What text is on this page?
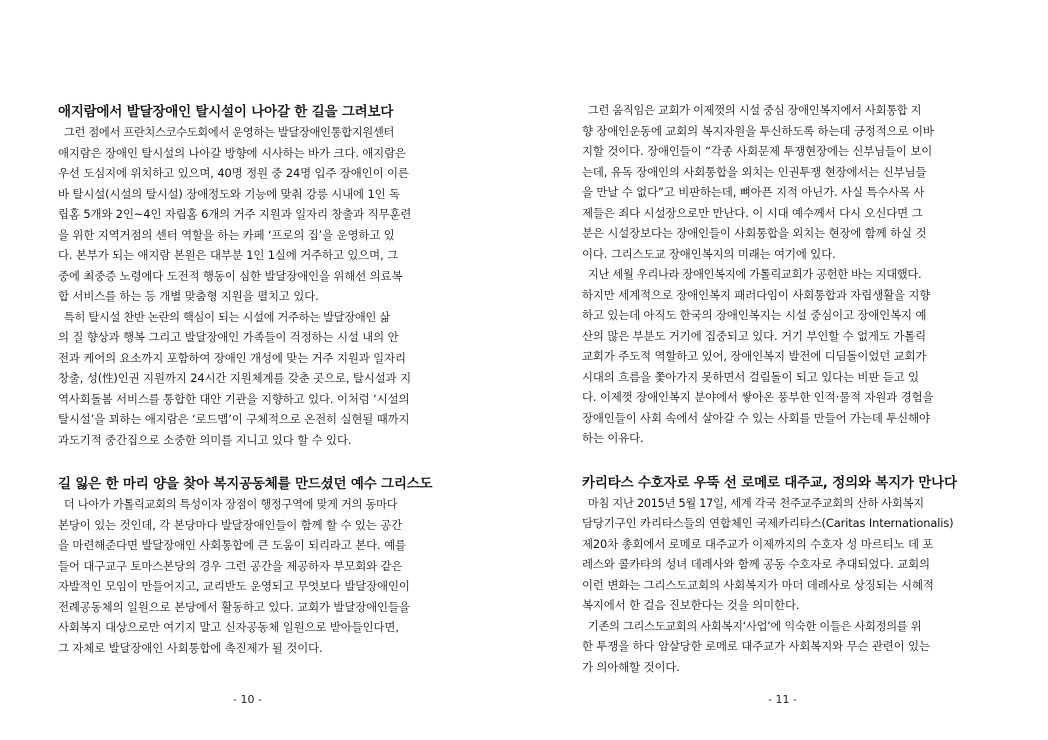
애지람에서 발달장애인 탈시설이 나아갈 한 길을 그려보다

그런 점에서 프란치스코수도회에서 운영하는 발달장애인통합지원센터
애지람은 장애인 탈시설의 나아갈 방향에 시사하는 바가 크다. 애지람은
우선 도심지에 위치하고 있으며, 40명 정원 중 24명 입주 장애인이 이른
바 탈시설(시설의 탈시설) 장애정도와 기능에 맞춰 강릉 시내에 1인 독
립홈 5개와 2인~4인 자립홈 6개의 거주 지원과 일자리 창출과 직무훈련
을 위한 지역거점의 센터 역할을 하는 카페 ‘프로의 집’을 운영하고 있
다. 본부가 되는 애지람 본원은 대부분 1인 1실에 거주하고 있으며, 그
중에 최중증 노령에다 도전적 행동이 심한 발달장애인을 위해선 의료복
합 서비스를 하는 등 개별 맞춤형 지원을 펼치고 있다.

특히 탈시설 찬반 논란의 핵심이 되는 시설에 거주하는 발달장애인 삶
의 질 향상과 행복 그리고 발달장애인 가족들이 걱정하는 시설 내의 안
전과 케어의 요소까지 포함하여 장애인 개성에 맞는 거주 지원과 일자리
창출, 성(性)인권 지원까지 24시간 지원체계를 갖춘 곳으로, 탈시설과 지
역사회돌봄 서비스를 통합한 대안 기관을 지향하고 있다. 이처럼 ‘시설의
탈시설’을 꾀하는 애지람은 ‘로드맵’이 구체적으로 온전히 실현될 때까지
과도기적 중간집으로 소중한 의미를 지니고 있다 할 수 있다.

길 잃은 한 마리 양을 찾아 복지공동체를 만드셨던 예수 그리스도

더 나아가 가톨릭교회의 특성이자 장점이 행정구역에 맞게 거의 동마다
본당이 있는 것인데, 각 본당마다 발달장애인들이 함께 할 수 있는 공간
을 마련해준다면 발달장애인 사회통합에 큰 도움이 되리라고 본다. 예를
들어 대구교구 토마스본당의 경우 그런 공간을 제공하자 부모회와 같은
자발적인 모임이 만들어지고, 교리반도 운영되고 무엇보다 발달장애인이
전례공동체의 일원으로 본당에서 활동하고 있다. 교회가 발달장애인들을
사회복지 대상으로만 여기지 말고 신자공동체 일원으로 받아들인다면,
그 자체로 발달장애인 사회통합에 촉진제가 될 것이다.

그런 움직임은 교회가 이제껏의 시설 중심 장애인복지에서 사회통합 지
향 장애인운동에 교회의 복지자원을 투신하도록 하는데 긍정적으로 이바
지할 것이다. 장애인들이 “각종 사회문제 투쟁현장에는 신부님들이 보이
는데, 유독 장애인의 사회통합을 외치는 인권투쟁 현장에서는 신부님들
을 만날 수 없다”고 비판하는데, 뼈아픈 지적 아닌가. 사실 특수사목 사
제들은 죄다 시설장으로만 만난다. 이 시대 예수께서 다시 오신다면 그
분은 시설장보다는 장애인들이 사회통합을 외치는 현장에 함께 하실 것
이다. 그리스도교 장애인복지의 미래는 여기에 있다.

지난 세월 우리나라 장애인복지에 가톨릭교회가 공헌한 바는 지대했다.
하지만 세계적으로 장애인복지 패러다임이 사회통합과 자립생활을 지향
하고 있는데 아직도 한국의 장애인복지는 시설 중심이고 장애인복지 예
산의 많은 부분도 거기에 집중되고 있다. 거기 부인할 수 없게도 가톨릭
교회가 주도적 역할하고 있어, 장애인복지 발전에 디딤돌이었던 교회가
시대의 흐름을 쫓아가지 못하면서 걸림돌이 되고 있다는 비판 듣고 있
다. 이제껏 장애인복지 분야에서 쌓아온 풍부한 인적·물적 자원과 경험을
장애인들이 사회 속에서 살아갈 수 있는 사회를 만들어 가는데 투신해야
하는 이유다.

카리타스 수호자로 우뚝 선 로메로 대주교, 정의와 복지가 만나다

마침 지난 2015년 5월 17일, 세계 각국 천주교주교회의 산하 사회복지
담당기구인 카리타스들의 연합체인 국제카리타스(Caritas Internationalis)
제20차 총회에서 로메로 대주교가 이제까지의 수호자 성 마르티노 데 포
레스와 콜카타의 성녀 데레사와 함께 공동 수호자로 추대되었다. 교회의
이런 변화는 그리스도교회의 사회복지가 마더 데레사로 상징되는 시혜적
복지에서 한 걸음 진보한다는 것을 의미한다.

기존의 그리스도교회의 사회복지‘사업’에 익숙한 이들은 사회정의를 위
한 투쟁을 하다 암살당한 로메로 대주교가 사회복지와 무슨 관련이 있는
가 의아해할 것이다.

- 10 -	- 11 -
